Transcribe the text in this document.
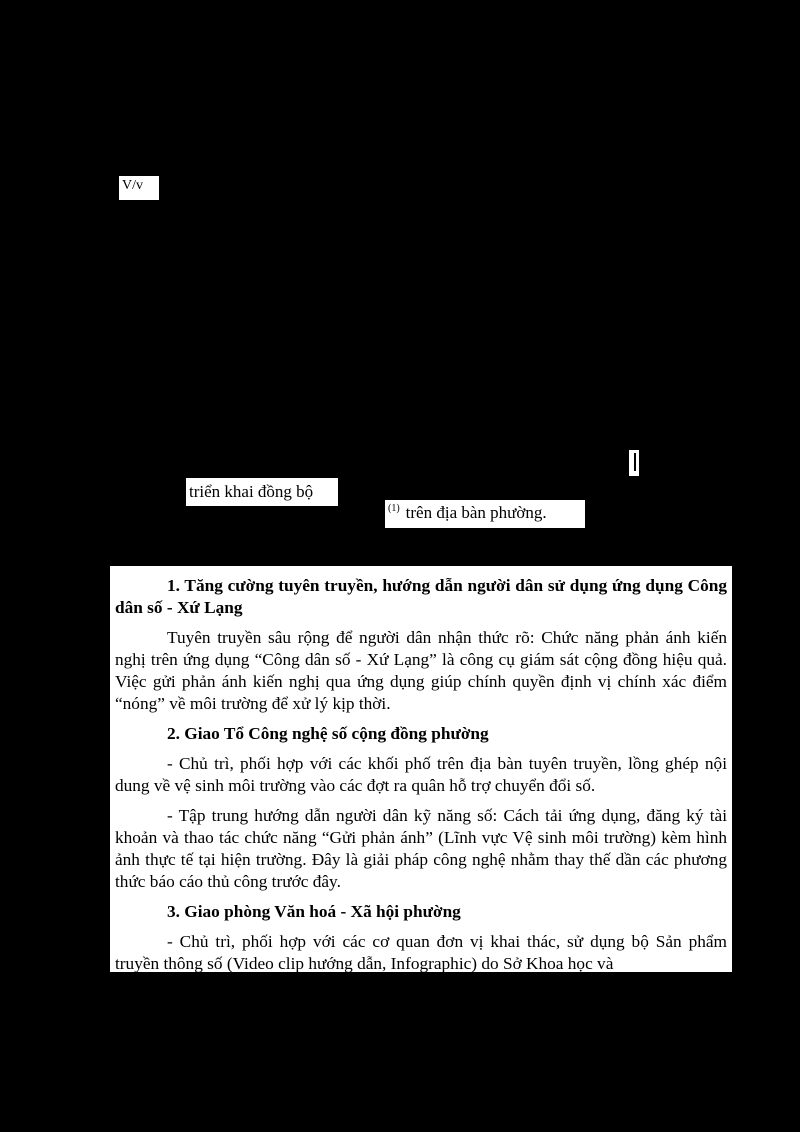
V/v
triển khai đồng bộ
$^{(1)}$ trên địa bàn phường.

1. Tăng cường tuyên truyền, hướng dẫn người dân sử dụng ứng dụng Công dân số - Xứ Lạng

Tuyên truyền sâu rộng để người dân nhận thức rõ: Chức năng phản ánh kiến nghị trên ứng dụng “Công dân số - Xứ Lạng” là công cụ giám sát cộng đồng hiệu quả. Việc gửi phản ánh kiến nghị qua ứng dụng giúp chính quyền định vị chính xác điểm “nóng” về môi trường để xử lý kịp thời.

2. Giao Tổ Công nghệ số cộng đồng phường

- Chủ trì, phối hợp với các khối phố trên địa bàn tuyên truyền, lồng ghép nội dung về vệ sinh môi trường vào các đợt ra quân hỗ trợ chuyển đổi số.

- Tập trung hướng dẫn người dân kỹ năng số: Cách tải ứng dụng, đăng ký tài khoản và thao tác chức năng “Gửi phản ánh” (Lĩnh vực Vệ sinh môi trường) kèm hình ảnh thực tế tại hiện trường. Đây là giải pháp công nghệ nhằm thay thế dần các phương thức báo cáo thủ công trước đây.

3. Giao phòng Văn hoá - Xã hội phường

- Chủ trì, phối hợp với các cơ quan đơn vị khai thác, sử dụng bộ Sản phẩm truyền thông số (Video clip hướng dẫn, Infographic) do Sở Khoa học và
